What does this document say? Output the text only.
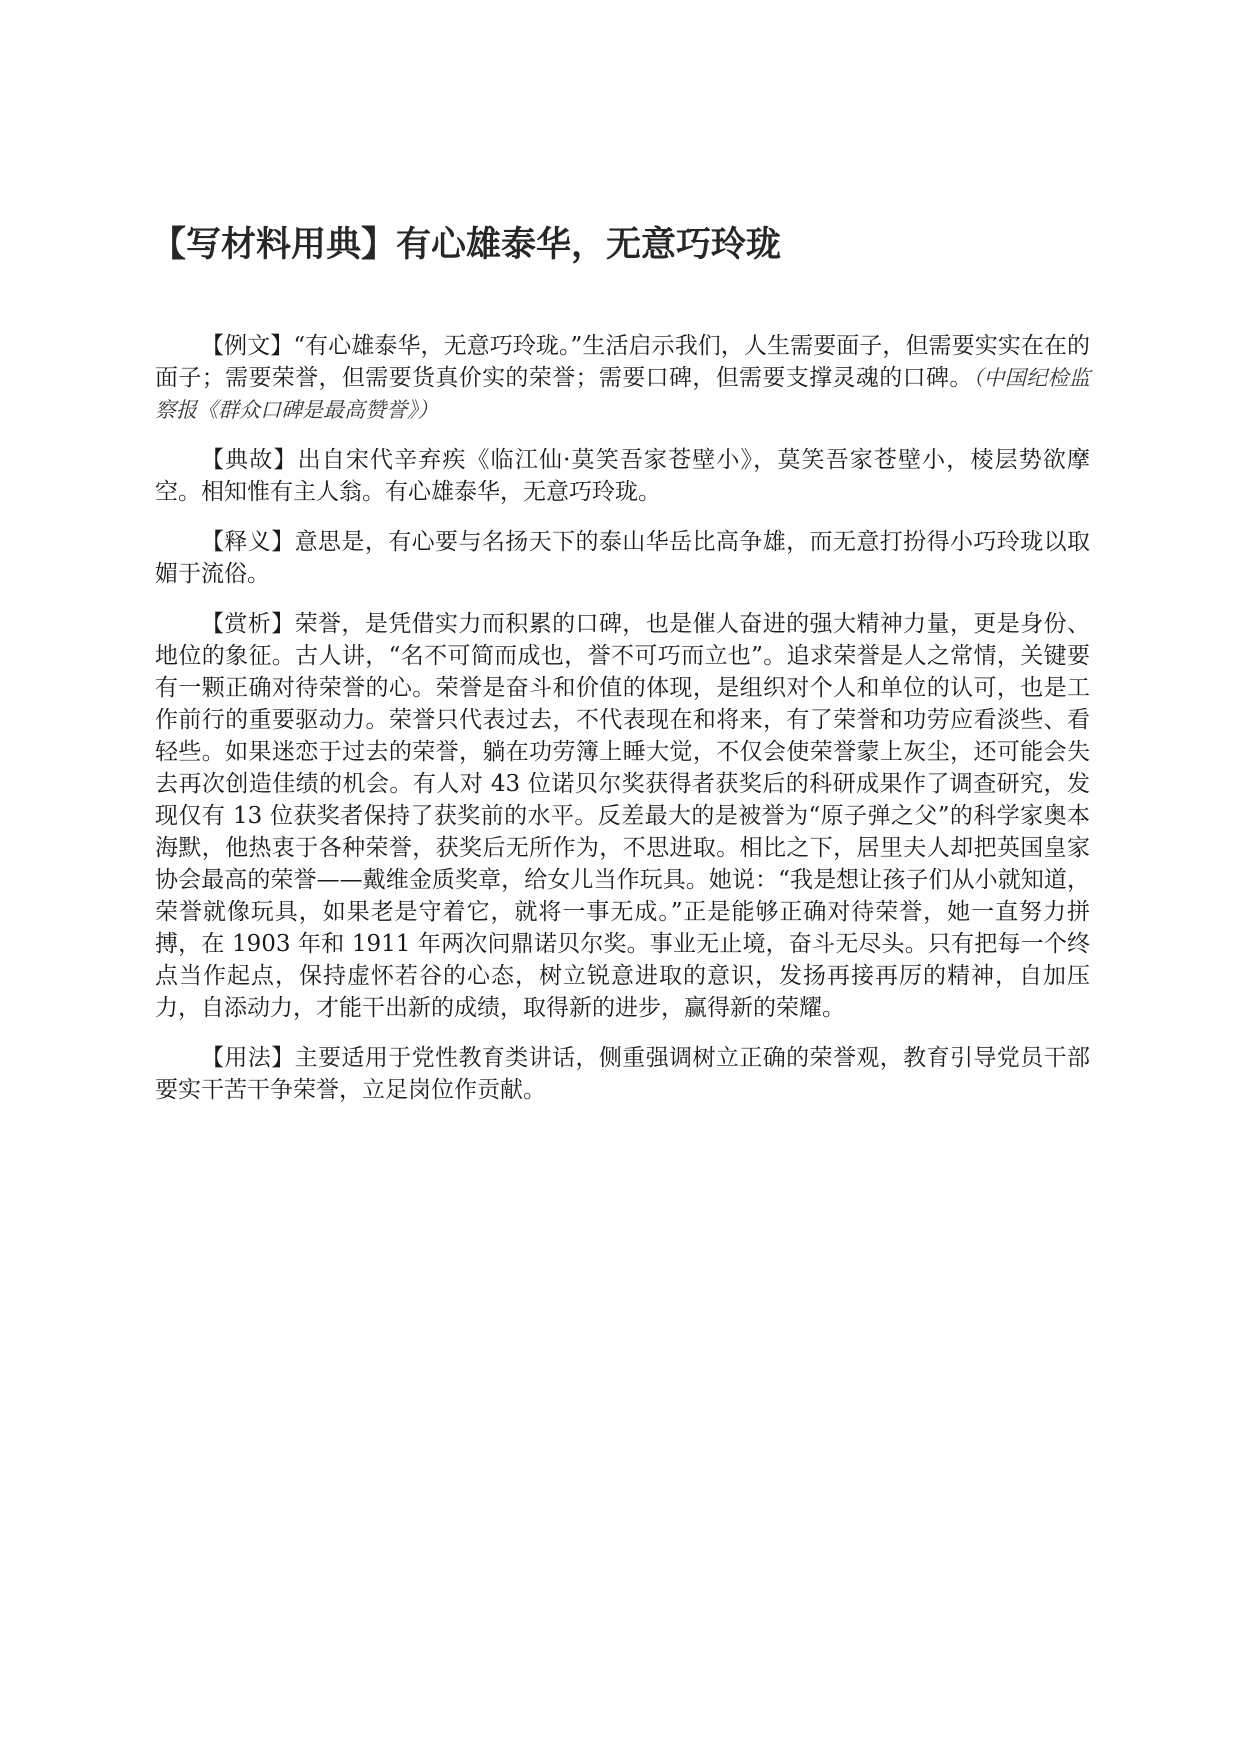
【写材料用典】有心雄泰华，无意巧玲珑

【例文】“有心雄泰华，无意巧玲珑。”生活启示我们，人生需要面子，但需要实实在在的面子；需要荣誉，但需要货真价实的荣誉；需要口碑，但需要支撑灵魂的口碑。（中国纪检监察报《群众口碑是最高赞誉》）

【典故】出自宋代辛弃疾《临江仙·莫笑吾家苍壁小》，莫笑吾家苍壁小，棱层势欲摩空。相知惟有主人翁。有心雄泰华，无意巧玲珑。

【释义】意思是，有心要与名扬天下的泰山华岳比高争雄，而无意打扮得小巧玲珑以取媚于流俗。

【赏析】荣誉，是凭借实力而积累的口碑，也是催人奋进的强大精神力量，更是身份、地位的象征。古人讲，“名不可简而成也，誉不可巧而立也”。追求荣誉是人之常情，关键要有一颗正确对待荣誉的心。荣誉是奋斗和价值的体现，是组织对个人和单位的认可，也是工作前行的重要驱动力。荣誉只代表过去，不代表现在和将来，有了荣誉和功劳应看淡些、看轻些。如果迷恋于过去的荣誉，躺在功劳簿上睡大觉，不仅会使荣誉蒙上灰尘，还可能会失去再次创造佳绩的机会。有人对 43 位诺贝尔奖获得者获奖后的科研成果作了调查研究，发现仅有 13 位获奖者保持了获奖前的水平。反差最大的是被誉为“原子弹之父”的科学家奥本海默，他热衷于各种荣誉，获奖后无所作为，不思进取。相比之下，居里夫人却把英国皇家协会最高的荣誉——戴维金质奖章，给女儿当作玩具。她说：“我是想让孩子们从小就知道，荣誉就像玩具，如果老是守着它，就将一事无成。”正是能够正确对待荣誉，她一直努力拼搏，在 1903 年和 1911 年两次问鼎诺贝尔奖。事业无止境，奋斗无尽头。只有把每一个终点当作起点，保持虚怀若谷的心态，树立锐意进取的意识，发扬再接再厉的精神，自加压力，自添动力，才能干出新的成绩，取得新的进步，赢得新的荣耀。

【用法】主要适用于党性教育类讲话，侧重强调树立正确的荣誉观，教育引导党员干部要实干苦干争荣誉，立足岗位作贡献。
